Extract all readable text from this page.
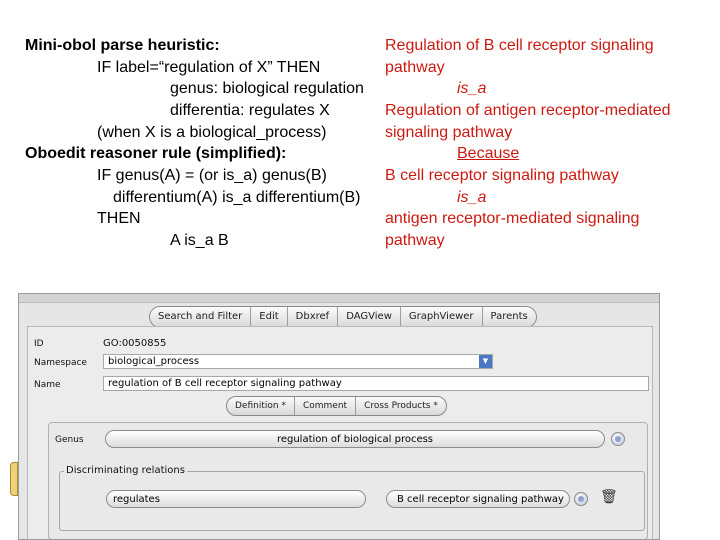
Mini-obol parse heuristic:
IF label=“regulation of X” THEN
genus: biological regulation
differentia: regulates X
(when X is a biological_process)
Oboedit reasoner rule (simplified):
IF genus(A) = (or is_a) genus(B)
differentium(A) is_a differentium(B)
THEN
A is_a B
Regulation of B cell receptor signaling
pathway
is_a
Regulation of antigen receptor-mediated
signaling pathway
Because
B cell receptor signaling pathway
is_a
antigen receptor-mediated signaling
pathway
Search and Filter	Edit	Dbxref	DAGView	GraphViewer	Parents
ID	GO:0050855
Namespace	biological_process	▼
Name	regulation of B cell receptor signaling pathway
Definition *	Comment	Cross Products *
Genus	regulation of biological process
Discriminating relations
regulates	B cell receptor signaling pathway	🗑
